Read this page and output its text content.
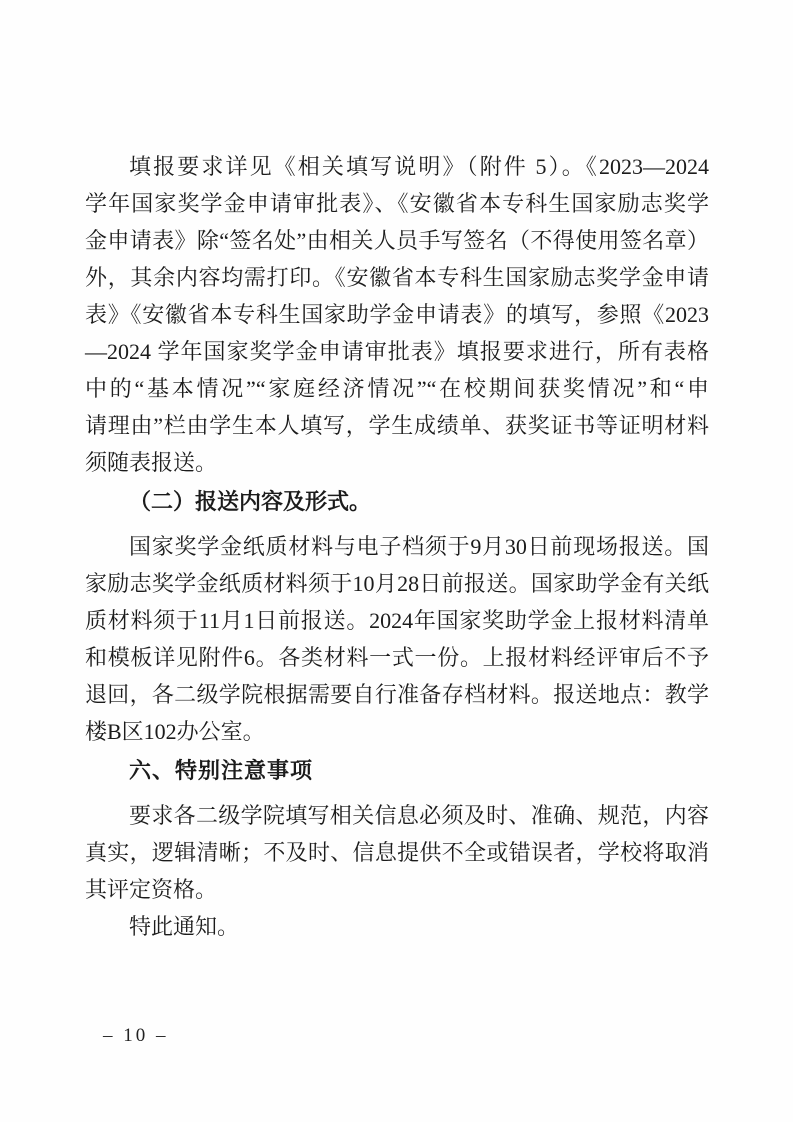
填报要求详见《相关填写说明》（附件 5）。《2023—2024
学年国家奖学金申请审批表》、《安徽省本专科生国家励志奖学
金申请表》除“签名处”由相关人员手写签名（不得使用签名章）
外，其余内容均需打印。《安徽省本专科生国家励志奖学金申请
表》《安徽省本专科生国家助学金申请表》的填写，参照《2023
—2024 学年国家奖学金申请审批表》填报要求进行，所有表格
中的“基本情况”“家庭经济情况”“在校期间获奖情况”和“申
请理由”栏由学生本人填写，学生成绩单、获奖证书等证明材料
须随表报送。
（二）报送内容及形式。
国家奖学金纸质材料与电子档须于9月30日前现场报送。国
家励志奖学金纸质材料须于10月28日前报送。国家助学金有关纸
质材料须于11月1日前报送。2024年国家奖助学金上报材料清单
和模板详见附件6。各类材料一式一份。上报材料经评审后不予
退回，各二级学院根据需要自行准备存档材料。报送地点：教学
楼B区102办公室。
六、特别注意事项
要求各二级学院填写相关信息必须及时、准确、规范，内容
真实，逻辑清晰；不及时、信息提供不全或错误者，学校将取消
其评定资格。
特此通知。
– 10 –
